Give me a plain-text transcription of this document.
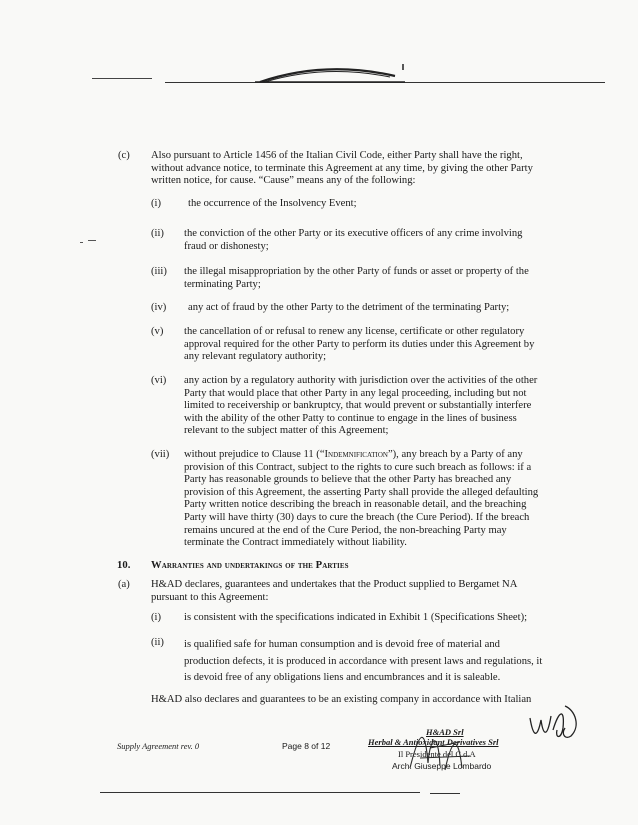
(c) Also pursuant to Article 1456 of the Italian Civil Code, either Party shall have the right, without advance notice, to terminate this Agreement at any time, by giving the other Party written notice, for cause. “Cause” means any of the following:

(i)	the occurrence of the Insolvency Event;

(ii) the conviction of the other Party or its executive officers of any crime involving fraud or dishonesty;

(iii) the illegal misappropriation by the other Party of funds or asset or property of the terminating Party;

(iv) any act of fraud by the other Party to the detriment of the terminating Party;

(v) the cancellation of or refusal to renew any license, certificate or other regulatory approval required for the other Party to perform its duties under this Agreement by any relevant regulatory authority;

(vi) any action by a regulatory authority with jurisdiction over the activities of the other Party that would place that other Party in any legal proceeding, including but not limited to receivership or bankruptcy, that would prevent or substantially interfere with the ability of the other Patty to continue to engage in the lines of business relevant to the subject matter of this Agreement;

(vii) without prejudice to Clause 11 (“Indemnification”), any breach by a Party of any provision of this Contract, subject to the rights to cure such breach as follows: if a Party has reasonable grounds to believe that the other Party has breached any provision of this Agreement, the asserting Party shall provide the alleged defaulting Party written notice describing the breach in reasonable detail, and the breaching Party will have thirty (30) days to cure the breach (the Cure Period). If the breach remains uncured at the end of the Cure Period, the non-breaching Party may terminate the Contract immediately without liability.

10. Warranties and undertakings of the Parties
(a) H&AD declares, guarantees and undertakes that the Product supplied to Bergamet NA pursuant to this Agreement:

(i) is consistent with the specifications indicated in Exhibit 1 (Specifications Sheet);

(ii) is qualified safe for human consumption and is devoid free of material and production defects, it is produced in accordance with present laws and regulations, it is devoid free of any obligations liens and encumbrances and it is saleable.

H&AD also declares and guarantees to be an existing company in accordance with Italian

Supply Agreement rev. 0	Page 8 of 12
H&AD Srl
Herbal & Antioxidant Derivatives Srl
Il Presidente del C.d.A
Arch. Giuseppe Lombardo
